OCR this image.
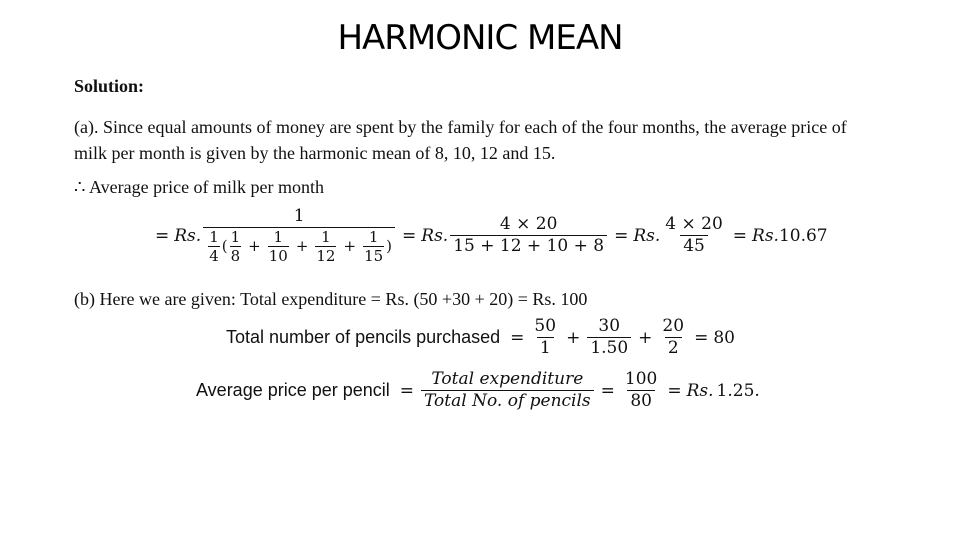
HARMONIC MEAN
Solution:
(a). Since equal amounts of money are spent by the family for each of the four months, the average price of milk per month is given by the harmonic mean of 8, 10, 12 and 15.
∴ Average price of milk per month
= Rs.
1
$\frac{1}{4}$ ( $\frac{1}{8} + \frac{1}{10} + \frac{1}{12} + \frac{1}{15}$ )
= Rs. $\frac{4 \times 20}{15 + 12 + 10 + 8} = Rs$. $\frac{4 \times 20}{45} = Rs$. 10.67
(b) Here we are given: Total expenditure = Rs. (50 +30 + 20) = Rs. 100
Total number of pencils purchased = $\frac{50}{1} + \frac{30}{1.50} + \frac{20}{2} = 80$
Average price per pencil = $\frac{\text{Total expenditure}}{\text{Total No. of pencils}} = \frac{100}{80} = Rs$. 1.25.
